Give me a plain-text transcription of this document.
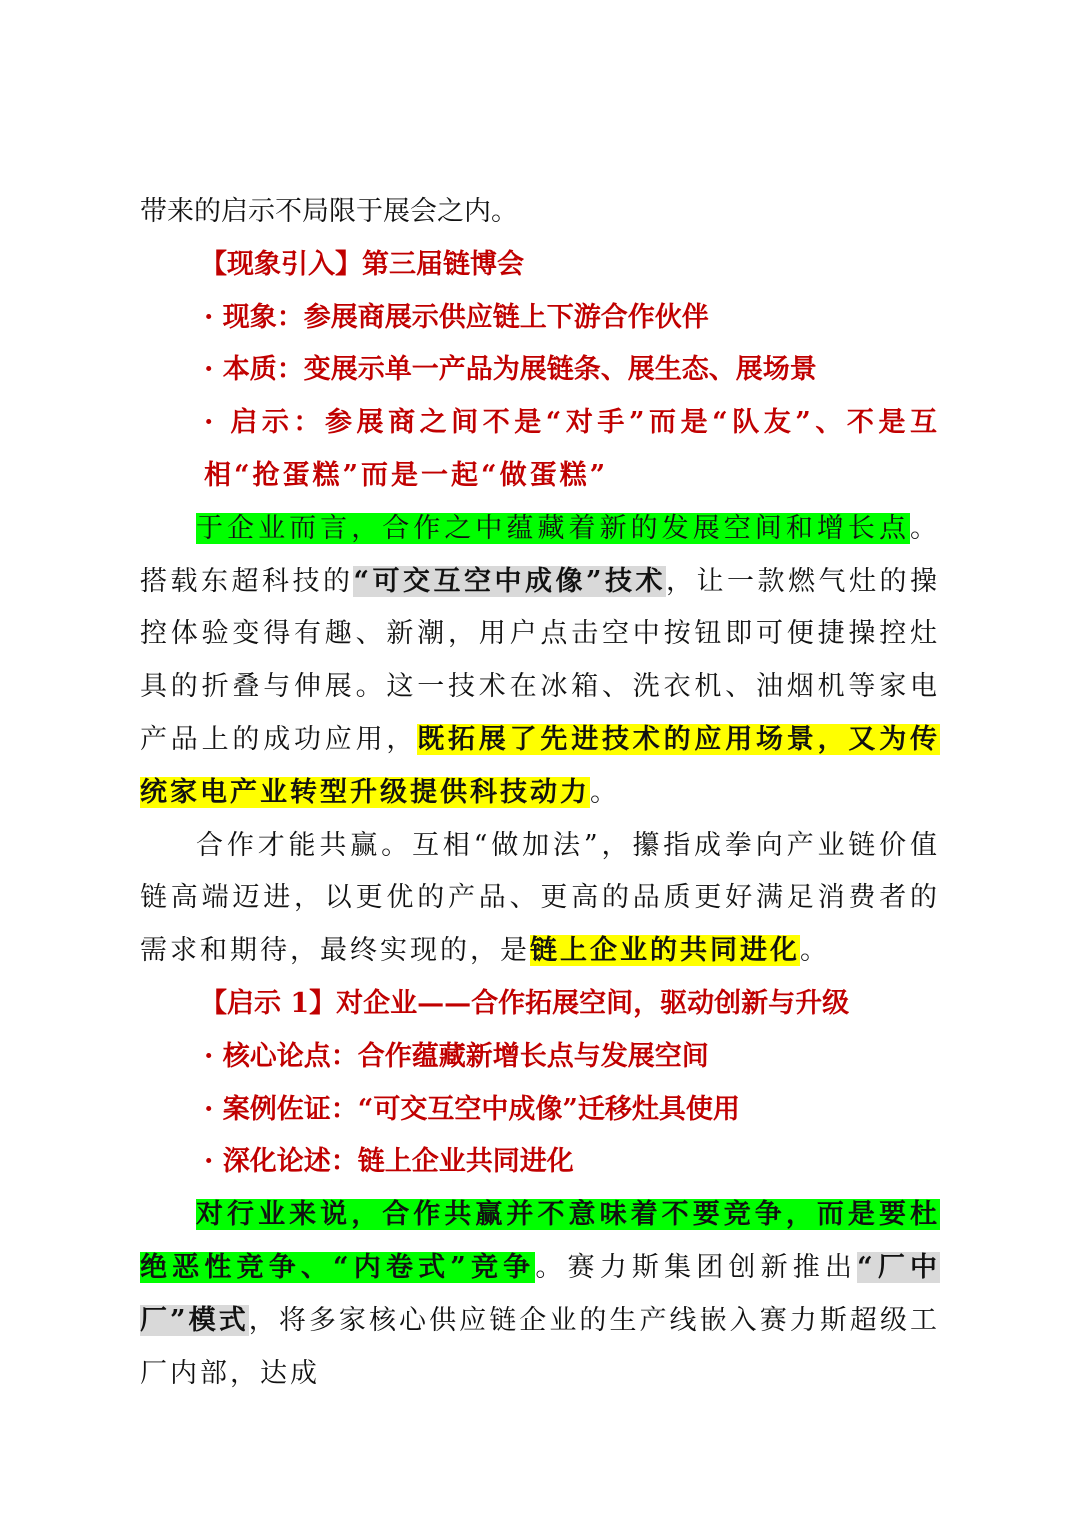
带来的启示不局限于展会之内。

【现象引入】第三届链博会

· 现象：参展商展示供应链上下游合作伙伴

· 本质：变展示单一产品为展链条、展生态、展场景

· 启示：参展商之间不是“对手”而是“队友”、不是互相“抢蛋糕”而是一起“做蛋糕”

于企业而言，合作之中蕴藏着新的发展空间和增长点。搭载东超科技的“可交互空中成像”技术，让一款燃气灶的操控体验变得有趣、新潮，用户点击空中按钮即可便捷操控灶具的折叠与伸展。这一技术在冰箱、洗衣机、油烟机等家电产品上的成功应用，既拓展了先进技术的应用场景，又为传统家电产业转型升级提供科技动力。

合作才能共赢。互相“做加法”，攥指成拳向产业链价值链高端迈进，以更优的产品、更高的品质更好满足消费者的需求和期待，最终实现的，是链上企业的共同进化。

【启示 1】对企业——合作拓展空间，驱动创新与升级

· 核心论点：合作蕴藏新增长点与发展空间

· 案例佐证：“可交互空中成像”迁移灶具使用

· 深化论述：链上企业共同进化

对行业来说，合作共赢并不意味着不要竞争，而是要杜绝恶性竞争、“内卷式”竞争。赛力斯集团创新推出“厂中厂”模式，将多家核心供应链企业的生产线嵌入赛力斯超级工厂内部，达成
